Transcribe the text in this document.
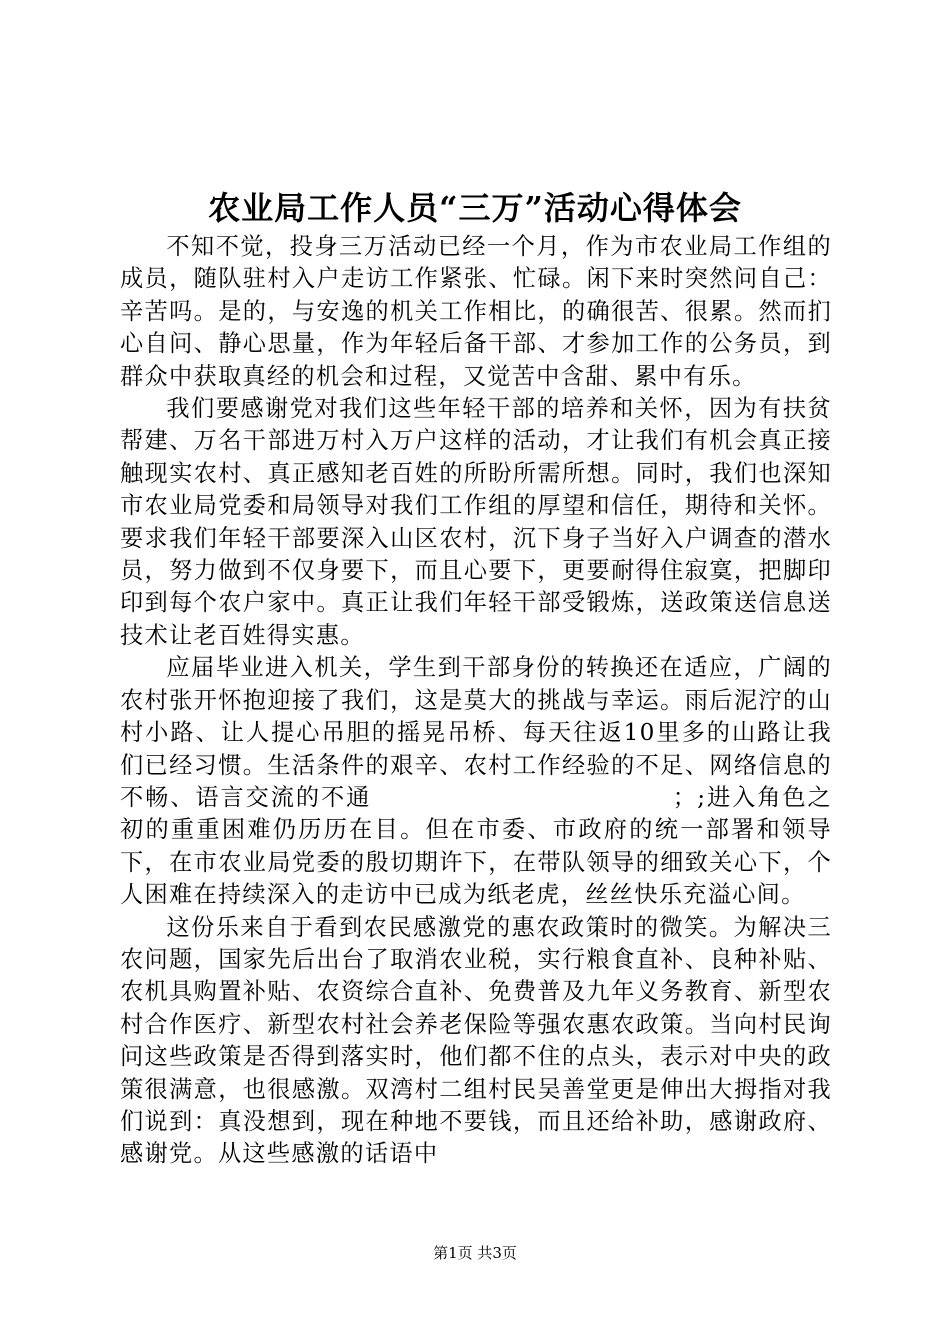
农业局工作人员“三万”活动心得体会

不知不觉，投身三万活动已经一个月，作为市农业局工作组的成员，随队驻村入户走访工作紧张、忙碌。闲下来时突然问自己：辛苦吗。是的，与安逸的机关工作相比，的确很苦、很累。然而扪心自问、静心思量，作为年轻后备干部、才参加工作的公务员，到群众中获取真经的机会和过程，又觉苦中含甜、累中有乐。

我们要感谢党对我们这些年轻干部的培养和关怀，因为有扶贫帮建、万名干部进万村入万户这样的活动，才让我们有机会真正接触现实农村、真正感知老百姓的所盼所需所想。同时，我们也深知市农业局党委和局领导对我们工作组的厚望和信任，期待和关怀。要求我们年轻干部要深入山区农村，沉下身子当好入户调查的潜水员，努力做到不仅身要下，而且心要下，更要耐得住寂寞，把脚印印到每个农户家中。真正让我们年轻干部受锻炼，送政策送信息送技术让老百姓得实惠。

应届毕业进入机关，学生到干部身份的转换还在适应，广阔的农村张开怀抱迎接了我们，这是莫大的挑战与幸运。雨后泥泞的山村小路、让人提心吊胆的摇晃吊桥、每天往返10里多的山路让我们已经习惯。生活条件的艰辛、农村工作经验的不足、网络信息的不畅、语言交流的不通　　　　　　　　　　　　；;进入角色之初的重重困难仍历历在目。但在市委、市政府的统一部署和领导下，在市农业局党委的殷切期许下，在带队领导的细致关心下，个人困难在持续深入的走访中已成为纸老虎，丝丝快乐充溢心间。

这份乐来自于看到农民感激党的惠农政策时的微笑。为解决三农问题，国家先后出台了取消农业税，实行粮食直补、良种补贴、农机具购置补贴、农资综合直补、免费普及九年义务教育、新型农村合作医疗、新型农村社会养老保险等强农惠农政策。当向村民询问这些政策是否得到落实时，他们都不住的点头，表示对中央的政策很满意，也很感激。双湾村二组村民吴善堂更是伸出大拇指对我们说到：真没想到，现在种地不要钱，而且还给补助，感谢政府、感谢党。从这些感激的话语中

第1页 共3页
